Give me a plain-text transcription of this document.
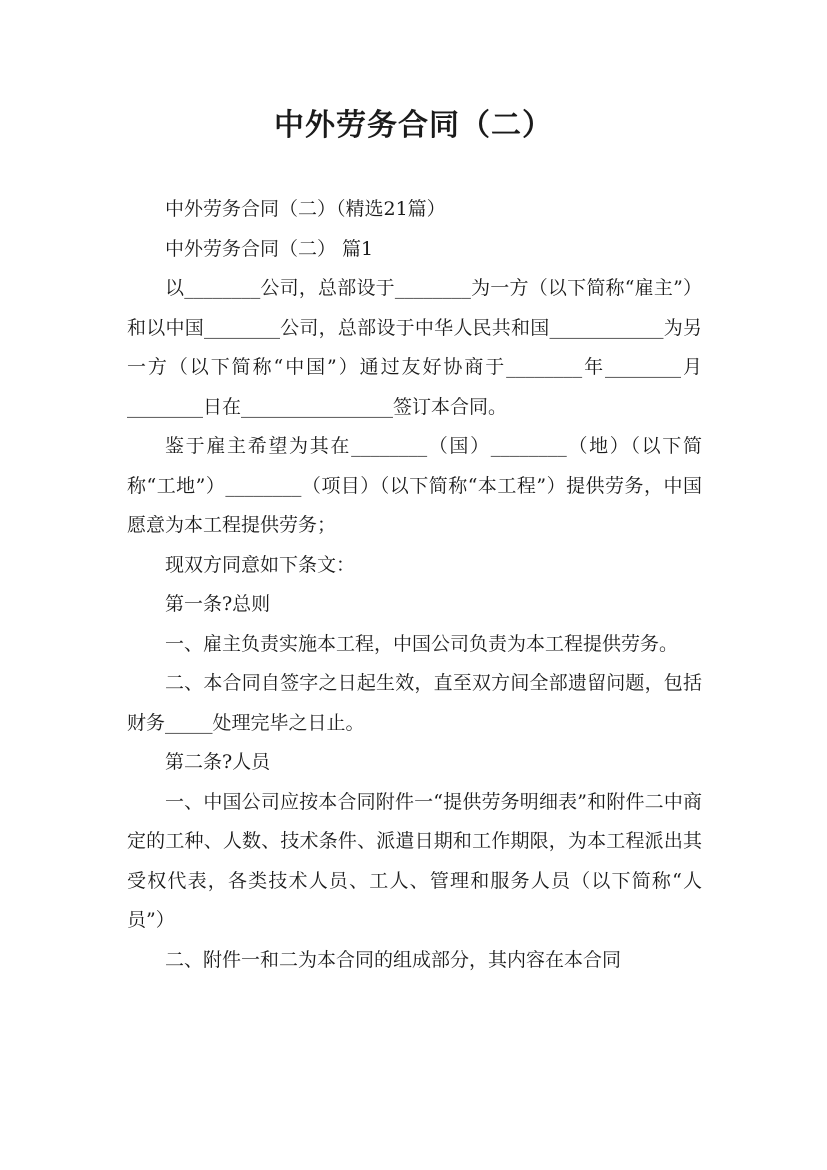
中外劳务合同（二）

中外劳务合同（二）（精选21篇）

中外劳务合同（二） 篇1

以________公司，总部设于________为一方（以下简称“雇主”）和以中国________公司，总部设于中华人民共和国____________为另一方（以下简称“中国”）通过友好协商于________年________月________日在________________签订本合同。

鉴于雇主希望为其在________（国）________（地）（以下简称“工地”）________（项目）（以下简称“本工程”）提供劳务，中国愿意为本工程提供劳务；

现双方同意如下条文：

第一条?总则

一、雇主负责实施本工程，中国公司负责为本工程提供劳务。

二、本合同自签字之日起生效，直至双方间全部遗留问题，包括财务_____处理完毕之日止。

第二条?人员

一、中国公司应按本合同附件一“提供劳务明细表”和附件二中商定的工种、人数、技术条件、派遣日期和工作期限，为本工程派出其受权代表，各类技术人员、工人、管理和服务人员（以下简称“人员”）

二、附件一和二为本合同的组成部分，其内容在本合同
